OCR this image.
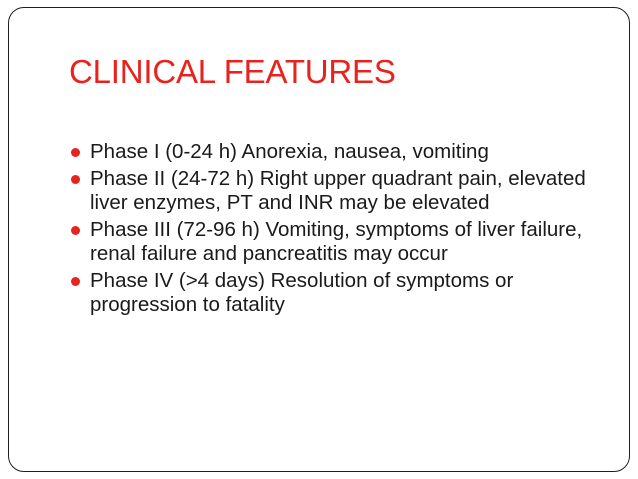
CLINICAL FEATURES
Phase I (0-24 h) Anorexia, nausea, vomiting
Phase II (24-72 h) Right upper quadrant pain, elevated liver enzymes, PT and INR may be elevated
Phase III (72-96 h) Vomiting, symptoms of liver failure, renal failure and pancreatitis may occur
Phase IV (>4 days) Resolution of symptoms or progression to fatality
